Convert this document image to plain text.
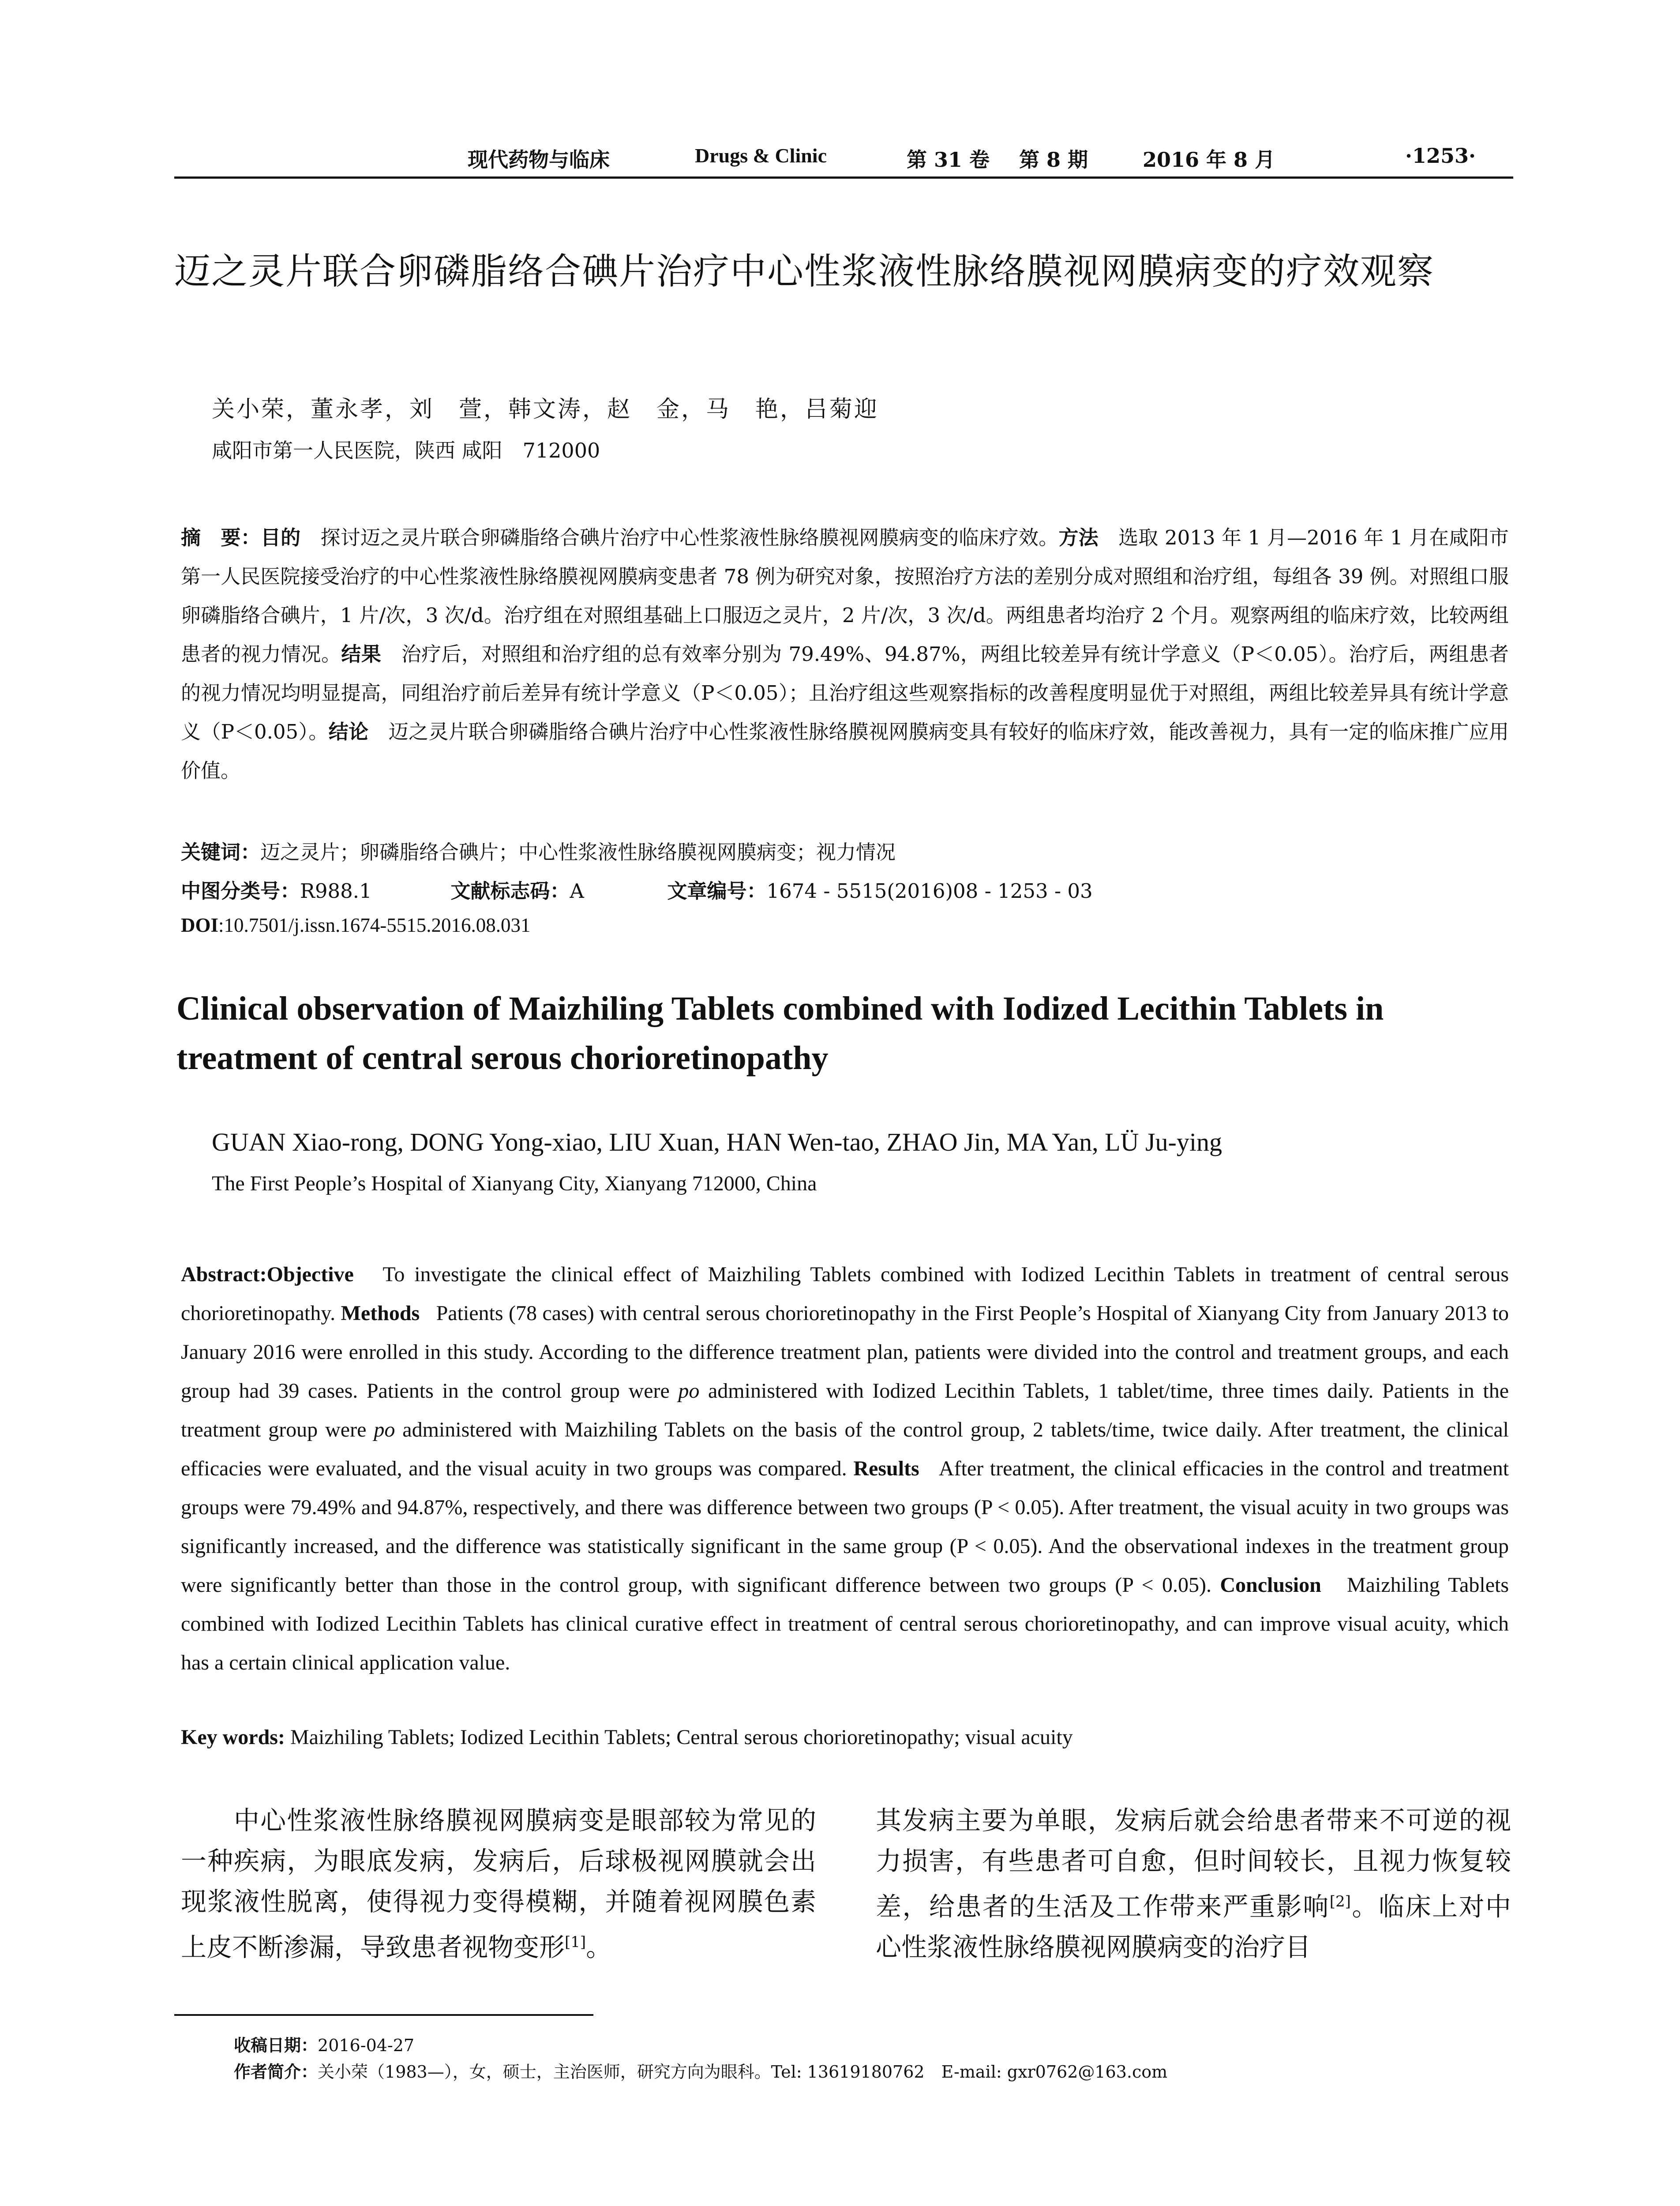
现代药物与临床	Drugs & Clinic	第 31 卷 第 8 期	2016 年 8 月	·1253·
迈之灵片联合卵磷脂络合碘片治疗中心性浆液性脉络膜视网膜病变的疗效观察
关小荣，董永孝，刘　萱，韩文涛，赵　金，马　艳，吕菊迎
咸阳市第一人民医院，陕西 咸阳　712000
摘　要：目的　 探讨迈之灵片联合卵磷脂络合碘片治疗中心性浆液性脉络膜视网膜病变的临床疗效。方法　 选取 2013 年 1 月—2016 年 1 月在咸阳市第一人民医院接受治疗的中心性浆液性脉络膜视网膜病变患者 78 例为研究对象，按照治疗方法的差别分成对照组和治疗组，每组各 39 例。对照组口服卵磷脂络合碘片，1 片/次，3 次/d。治疗组在对照组基础上口服迈之灵片，2 片/次，3 次/d。两组患者均治疗 2 个月。观察两组的临床疗效，比较两组患者的视力情况。结果　 治疗后，对照组和治疗组的总有效率分别为 79.49%、94.87%，两组比较差异有统计学意义（P＜0.05）。治疗后，两组患者的视力情况均明显提高，同组治疗前后差异有统计学意义（P＜0.05）；且治疗组这些观察指标的改善程度明显优于对照组，两组比较差异具有统计学意义（P＜0.05）。结论　 迈之灵片联合卵磷脂络合碘片治疗中心性浆液性脉络膜视网膜病变具有较好的临床疗效，能改善视力，具有一定的临床推广应用价值。
关键词：迈之灵片；卵磷脂络合碘片；中心性浆液性脉络膜视网膜病变；视力情况
中图分类号：R988.1	文献标志码：A	文章编号：1674 - 5515(2016)08 - 1253 - 03
DOI:10.7501/j.issn.1674-5515.2016.08.031
Clinical observation of Maizhiling Tablets combined with Iodized Lecithin Tablets in treatment of central serous chorioretinopathy
GUAN Xiao-rong, DONG Yong-xiao, LIU Xuan, HAN Wen-tao, ZHAO Jin, MA Yan, LÜ Ju-ying
The First People’s Hospital of Xianyang City, Xianyang 712000, China
Abstract:Objective To investigate the clinical effect of Maizhiling Tablets combined with Iodized Lecithin Tablets in treatment of central serous chorioretinopathy. Methods Patients (78 cases) with central serous chorioretinopathy in the First People’s Hospital of Xianyang City from January 2013 to January 2016 were enrolled in this study. According to the difference treatment plan, patients were divided into the control and treatment groups, and each group had 39 cases. Patients in the control group were po administered with Iodized Lecithin Tablets, 1 tablet/time, three times daily. Patients in the treatment group were po administered with Maizhiling Tablets on the basis of the control group, 2 tablets/time, twice daily. After treatment, the clinical efficacies were evaluated, and the visual acuity in two groups was compared. Results After treatment, the clinical efficacies in the control and treatment groups were 79.49% and 94.87%, respectively, and there was difference between two groups (P < 0.05). After treatment, the visual acuity in two groups was significantly increased, and the difference was statistically significant in the same group (P < 0.05). And the observational indexes in the treatment group were significantly better than those in the control group, with significant difference between two groups (P < 0.05). Conclusion Maizhiling Tablets combined with Iodized Lecithin Tablets has clinical curative effect in treatment of central serous chorioretinopathy, and can improve visual acuity, which has a certain clinical application value.
Key words: Maizhiling Tablets; Iodized Lecithin Tablets; Central serous chorioretinopathy; visual acuity
中心性浆液性脉络膜视网膜病变是眼部较为常见的一种疾病，为眼底发病，发病后，后球极视网膜就会出现浆液性脱离，使得视力变得模糊，并随着视网膜色素上皮不断渗漏，导致患者视物变形[1]。
其发病主要为单眼，发病后就会给患者带来不可逆的视力损害，有些患者可自愈，但时间较长，且视力恢复较差，给患者的生活及工作带来严重影响[2]。临床上对中心性浆液性脉络膜视网膜病变的治疗目
收稿日期：2016-04-27
作者简介：关小荣（1983—），女，硕士，主治医师，研究方向为眼科。Tel: 13619180762　E-mail: gxr0762@163.com
